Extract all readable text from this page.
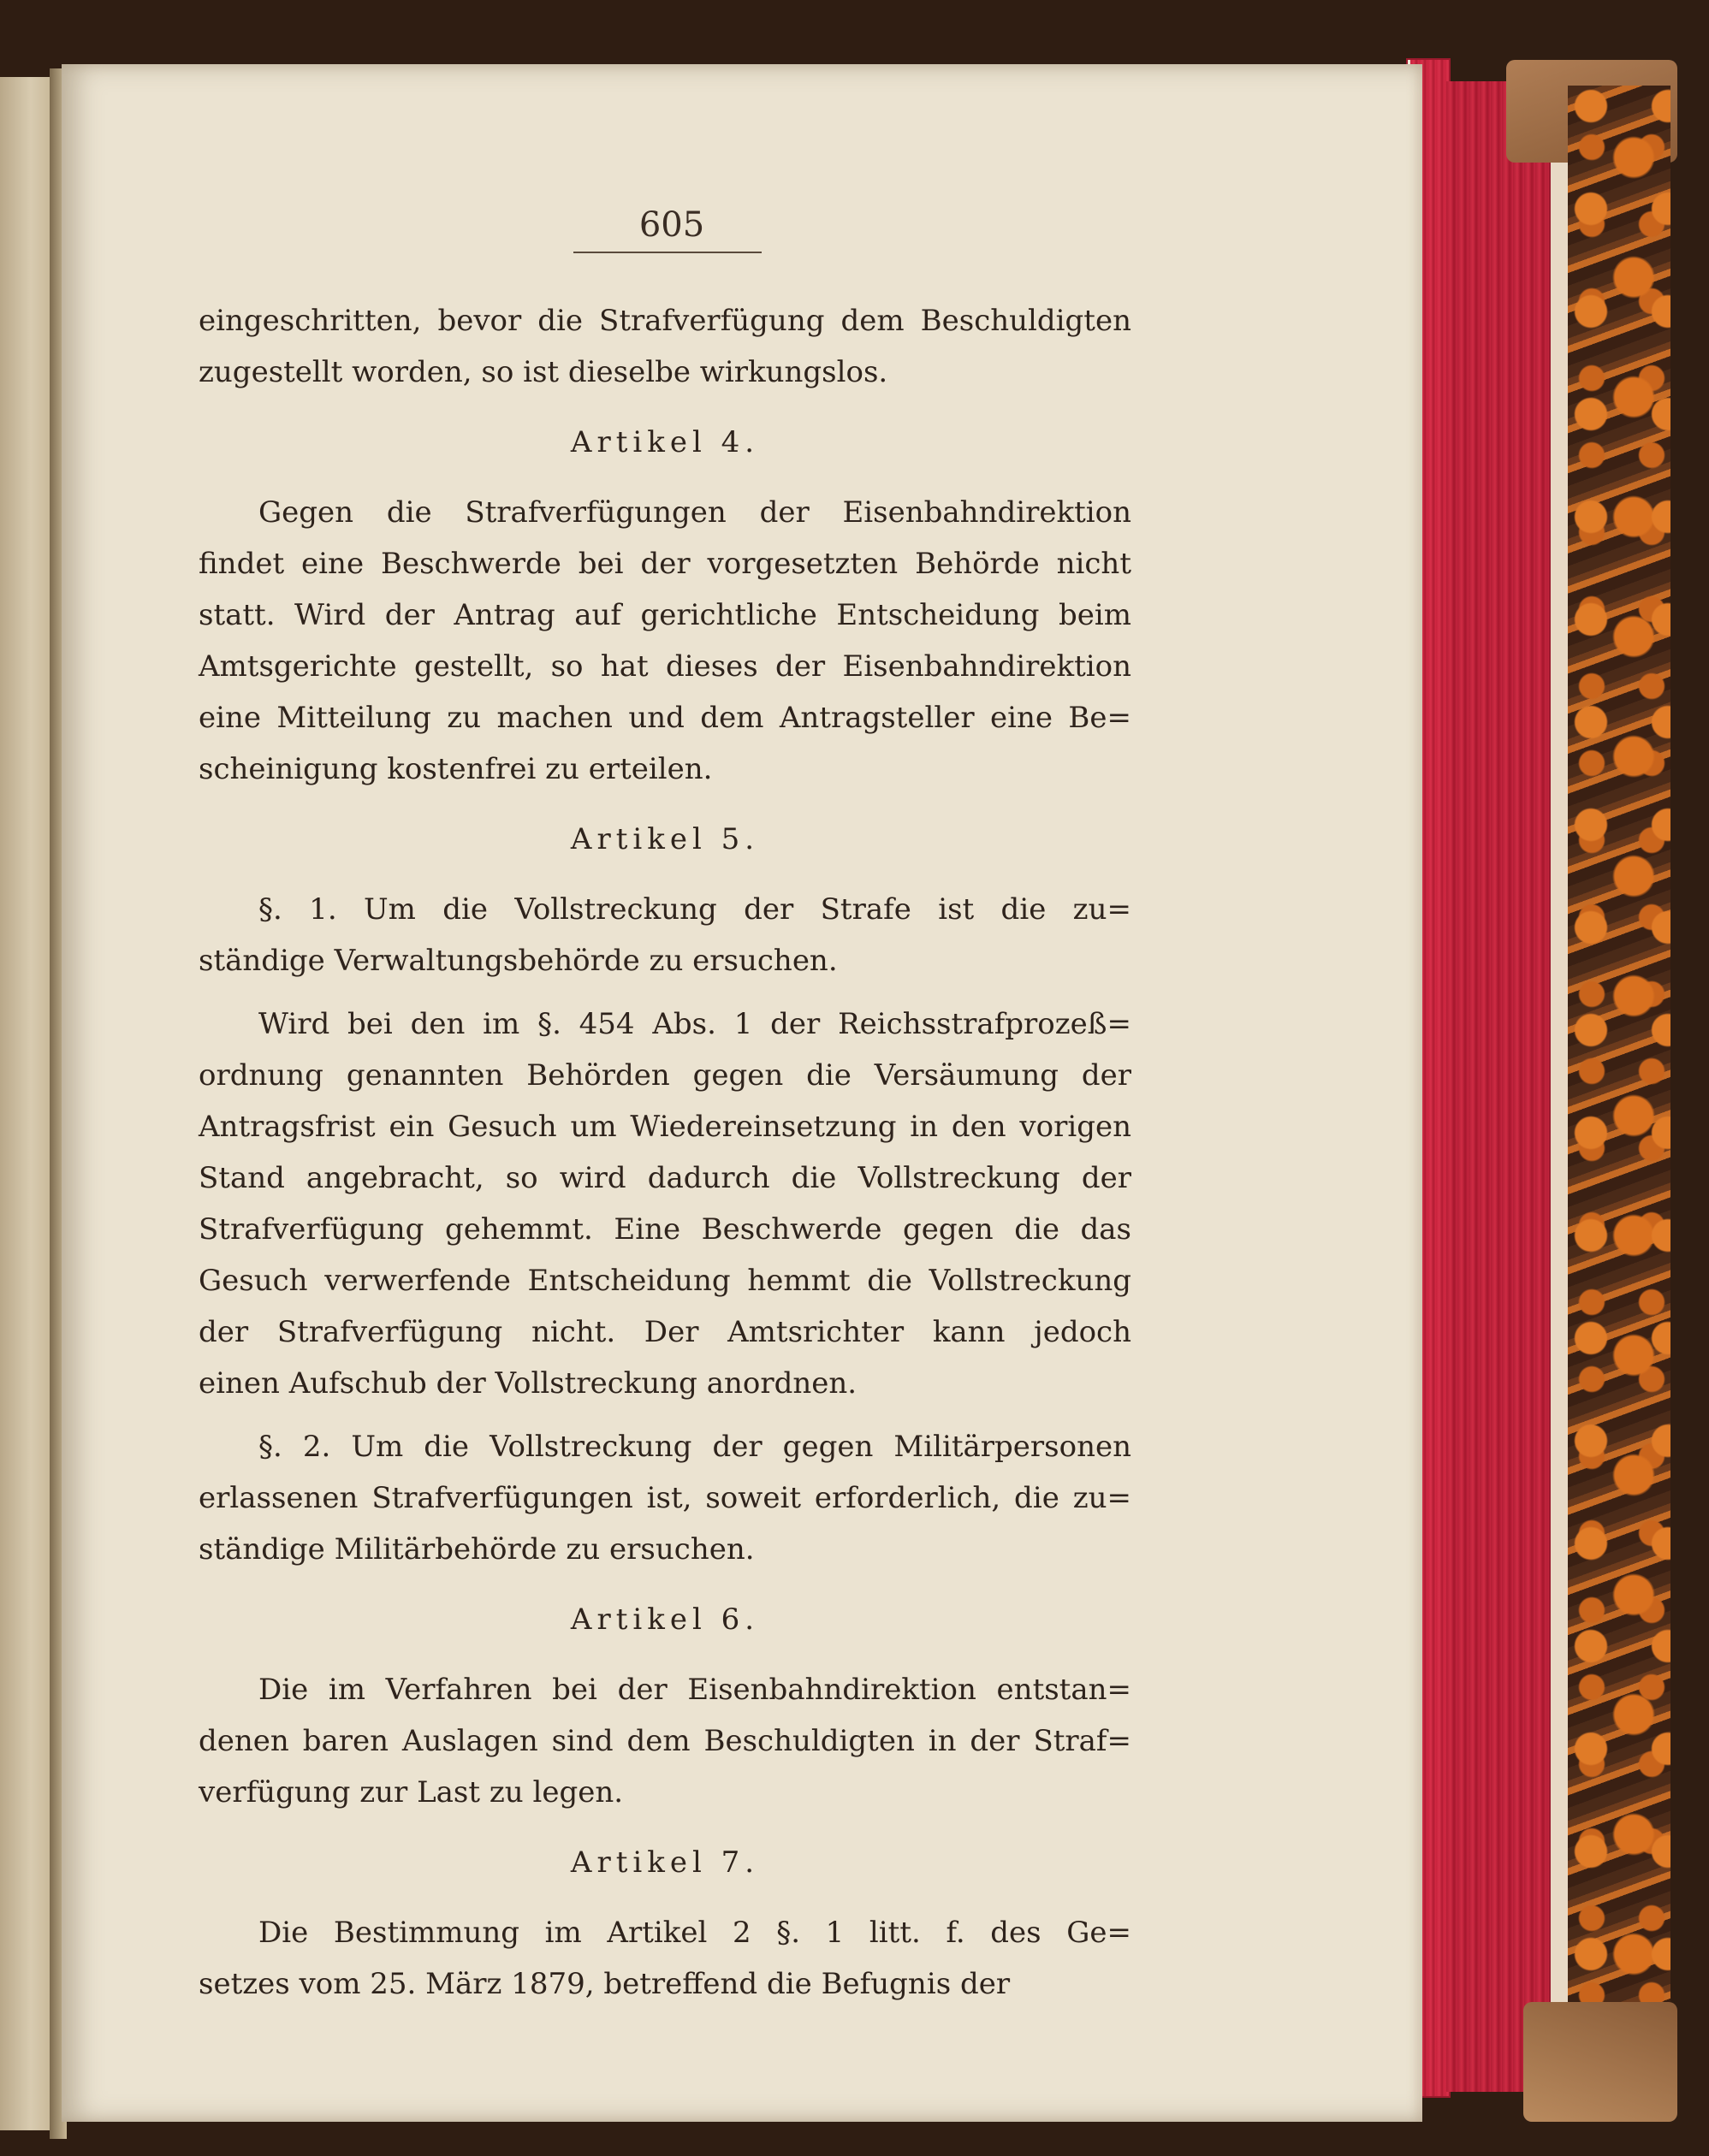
605
eingeschritten, bevor die Strafverfügung dem Beschuldigten
zugestellt worden, so ist dieselbe wirkungslos.
Artikel 4.
Gegen die Strafverfügungen der Eisenbahndirektion
findet eine Beschwerde bei der vorgesetzten Behörde nicht
statt. Wird der Antrag auf gerichtliche Entscheidung beim
Amtsgerichte gestellt, so hat dieses der Eisenbahndirektion
eine Mitteilung zu machen und dem Antragsteller eine Be=
scheinigung kostenfrei zu erteilen.
Artikel 5.
§. 1. Um die Vollstreckung der Strafe ist die zu=
ständige Verwaltungsbehörde zu ersuchen.
Wird bei den im §. 454 Abs. 1 der Reichsstrafprozeß=
ordnung genannten Behörden gegen die Versäumung der
Antragsfrist ein Gesuch um Wiedereinsetzung in den vorigen
Stand angebracht, so wird dadurch die Vollstreckung der
Strafverfügung gehemmt. Eine Beschwerde gegen die das
Gesuch verwerfende Entscheidung hemmt die Vollstreckung
der Strafverfügung nicht. Der Amtsrichter kann jedoch
einen Aufschub der Vollstreckung anordnen.
§. 2. Um die Vollstreckung der gegen Militärpersonen
erlassenen Strafverfügungen ist, soweit erforderlich, die zu=
ständige Militärbehörde zu ersuchen.
Artikel 6.
Die im Verfahren bei der Eisenbahndirektion entstan=
denen baren Auslagen sind dem Beschuldigten in der Straf=
verfügung zur Last zu legen.
Artikel 7.
Die Bestimmung im Artikel 2 §. 1 litt. f. des Ge=
setzes vom 25. März 1879, betreffend die Befugnis der
